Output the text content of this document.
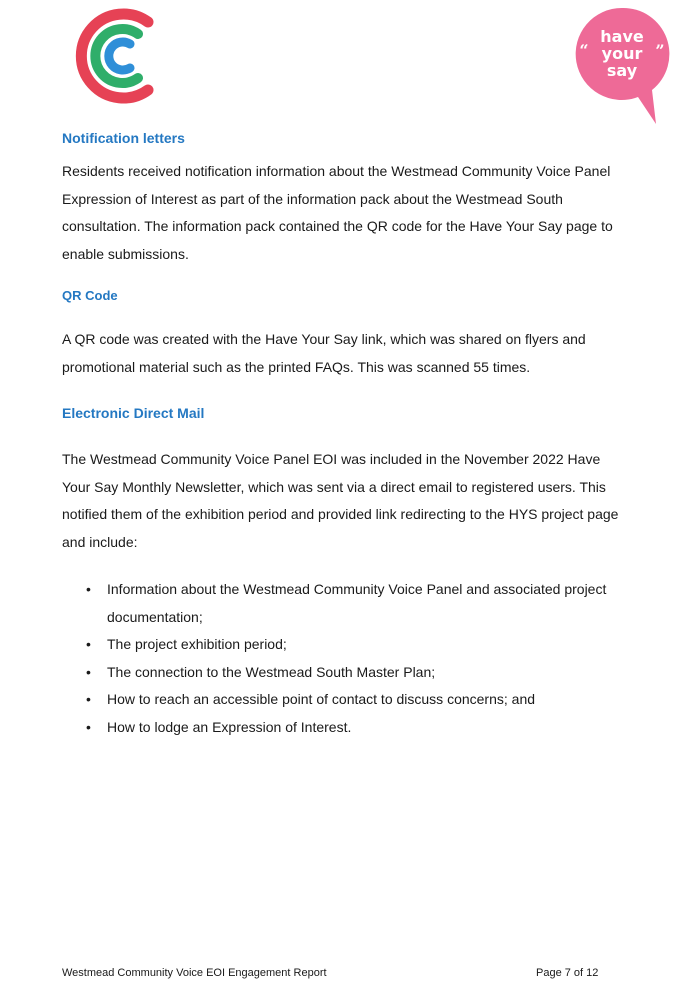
have
your
say
“	”
Notification letters

Residents received notification information about the Westmead Community Voice Panel Expression of Interest as part of the information pack about the Westmead South consultation. The information pack contained the QR code for the Have Your Say page to enable submissions.

QR Code

A QR code was created with the Have Your Say link, which was shared on flyers and promotional material such as the printed FAQs. This was scanned 55 times.

Electronic Direct Mail

The Westmead Community Voice Panel EOI was included in the November 2022 Have Your Say Monthly Newsletter, which was sent via a direct email to registered users. This notified them of the exhibition period and provided link redirecting to the HYS project page and include:

• Information about the Westmead Community Voice Panel and associated project documentation;
• The project exhibition period;
• The connection to the Westmead South Master Plan;
• How to reach an accessible point of contact to discuss concerns; and
• How to lodge an Expression of Interest.
Westmead Community Voice EOI Engagement Report	Page 7 of 12
